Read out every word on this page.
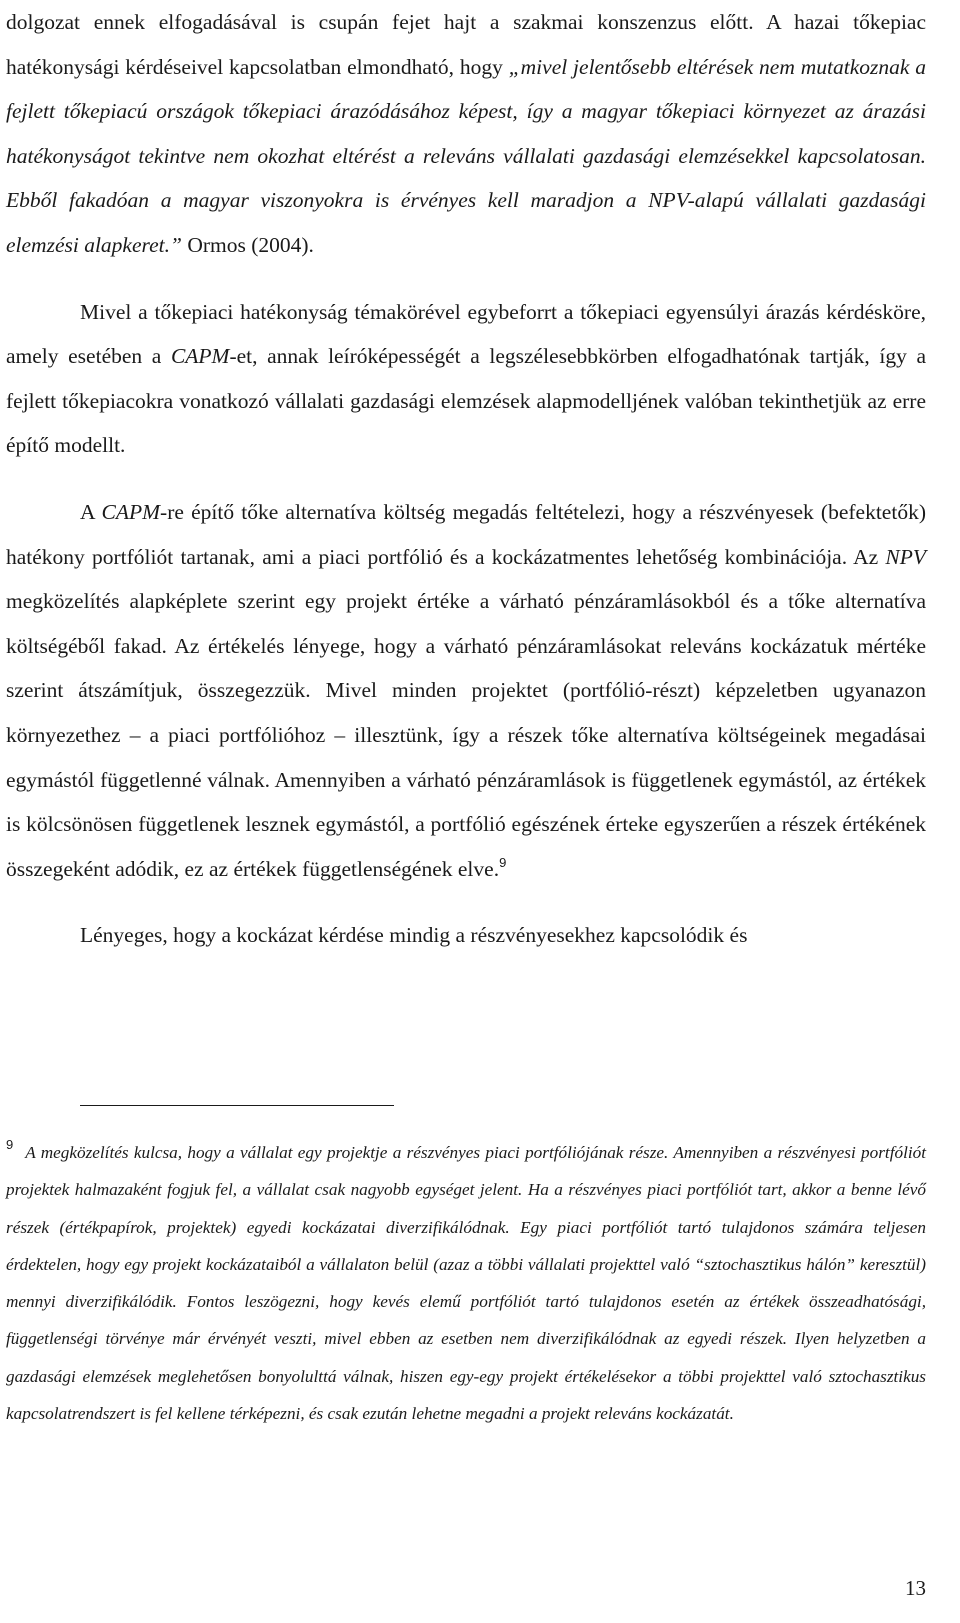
dolgozat ennek elfogadásával is csupán fejet hajt a szakmai konszenzus előtt. A hazai tőkepiac hatékonysági kérdéseivel kapcsolatban elmondható, hogy „mivel jelentősebb eltérések nem mutatkoznak a fejlett tőkepiacú országok tőkepiaci árazódásához képest, így a magyar tőkepiaci környezet az árazási hatékonyságot tekintve nem okozhat eltérést a releváns vállalati gazdasági elemzésekkel kapcsolatosan. Ebből fakadóan a magyar viszonyokra is érvényes kell maradjon a NPV-alapú vállalati gazdasági elemzési alapkeret.” Ormos (2004).

Mivel a tőkepiaci hatékonyság témakörével egybeforrt a tőkepiaci egyensúlyi árazás kérdésköre, amely esetében a CAPM-et, annak leíróképességét a legszélesebbkörben elfogadhatónak tartják, így a fejlett tőkepiacokra vonatkozó vállalati gazdasági elemzések alapmodelljének valóban tekinthetjük az erre építő modellt.

A CAPM-re építő tőke alternatíva költség megadás feltételezi, hogy a részvényesek (befektetők) hatékony portfóliót tartanak, ami a piaci portfólió és a kockázatmentes lehetőség kombinációja. Az NPV megközelítés alapképlete szerint egy projekt értéke a várható pénzáramlásokból és a tőke alternatíva költségéből fakad. Az értékelés lényege, hogy a várható pénzáramlásokat releváns kockázatuk mértéke szerint átszámítjuk, összegezzük. Mivel minden projektet (portfólió-részt) képzeletben ugyanazon környezethez – a piaci portfólióhoz – illesztünk, így a részek tőke alternatíva költségeinek megadásai egymástól függetlenné válnak. Amennyiben a várható pénzáramlások is függetlenek egymástól, az értékek is kölcsönösen függetlenek lesznek egymástól, a portfólió egészének érteke egyszerűen a részek értékének összegeként adódik, ez az értékek függetlenségének elve.$^9$

Lényeges, hogy a kockázat kérdése mindig a részvényesekhez kapcsolódik és

$^9$ A megközelítés kulcsa, hogy a vállalat egy projektje a részvényes piaci portfóliójának része. Amennyiben a részvényesi portfóliót projektek halmazaként fogjuk fel, a vállalat csak nagyobb egységet jelent. Ha a részvényes piaci portfóliót tart, akkor a benne lévő részek (értékpapírok, projektek) egyedi kockázatai diverzifikálódnak. Egy piaci portfóliót tartó tulajdonos számára teljesen érdektelen, hogy egy projekt kockázataiból a vállalaton belül (azaz a többi vállalati projekttel való “sztochasztikus hálón” keresztül) mennyi diverzifikálódik. Fontos leszögezni, hogy kevés elemű portfóliót tartó tulajdonos esetén az értékek összeadhatósági, függetlenségi törvénye már érvényét veszti, mivel ebben az esetben nem diverzifikálódnak az egyedi részek. Ilyen helyzetben a gazdasági elemzések meglehetősen bonyolulttá válnak, hiszen egy-egy projekt értékelésekor a többi projekttel való sztochasztikus kapcsolatrendszert is fel kellene térképezni, és csak ezután lehetne megadni a projekt releváns kockázatát.
13
